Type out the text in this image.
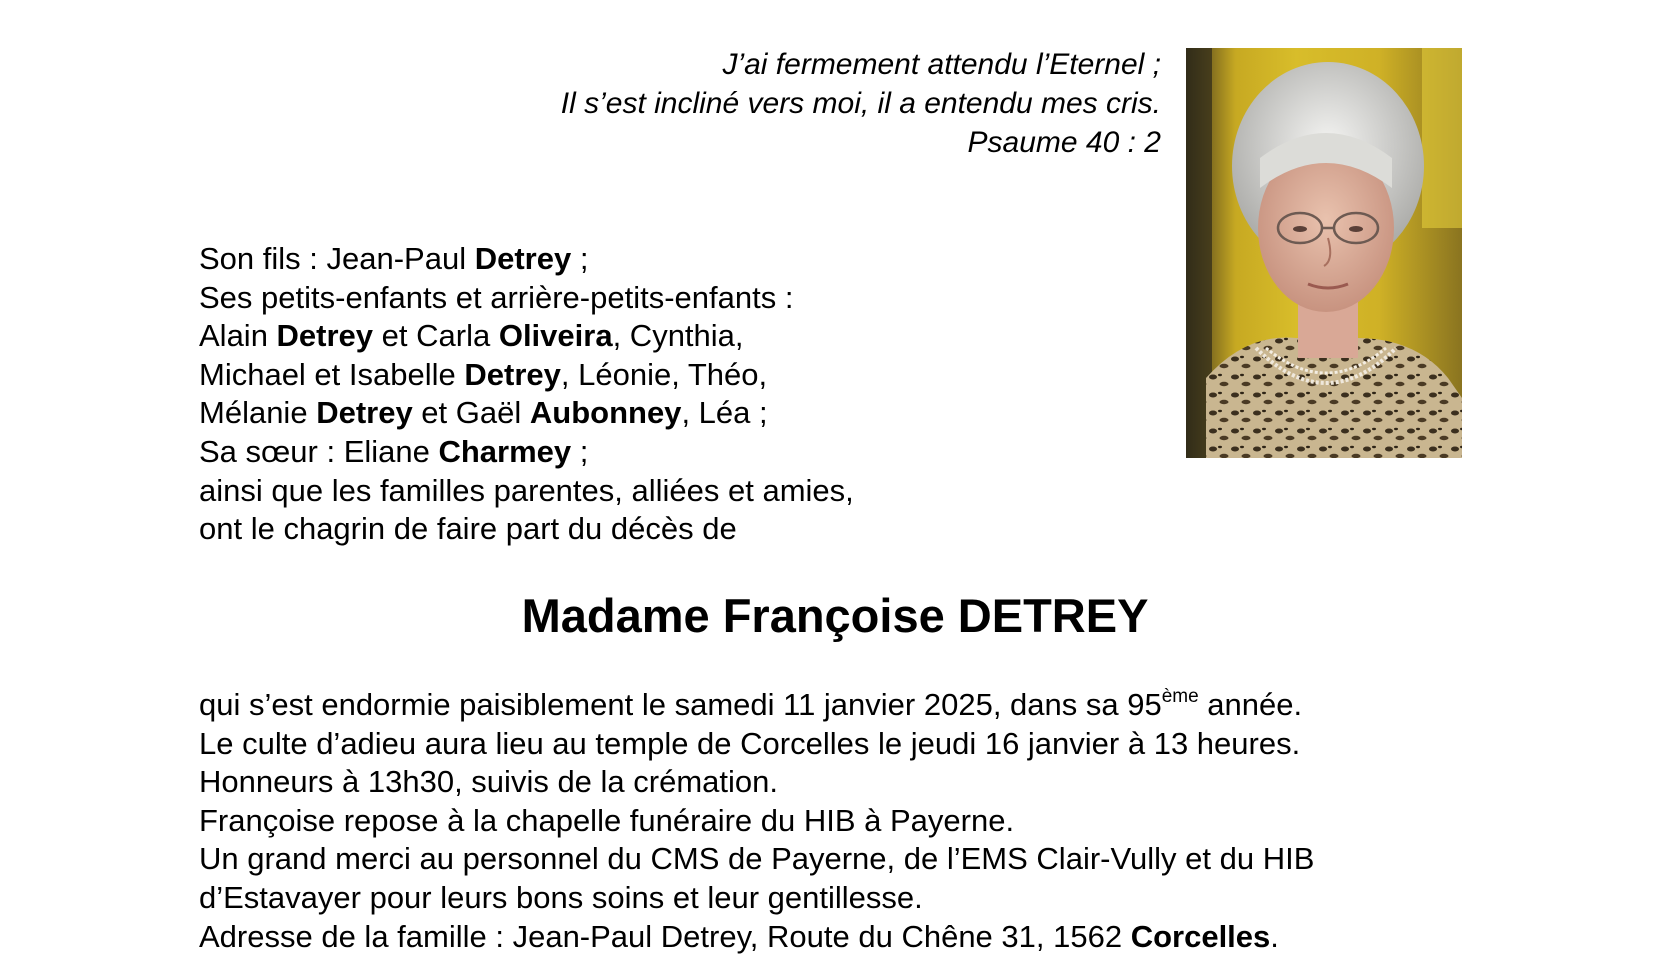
J’ai fermement attendu l’Eternel ;
Il s’est incliné vers moi, il a entendu mes cris.
Psaume 40 : 2
Son fils : Jean-Paul Detrey ;
Ses petits-enfants et arrière-petits-enfants :
Alain Detrey et Carla Oliveira, Cynthia,
Michael et Isabelle Detrey, Léonie, Théo,
Mélanie Detrey et Gaël Aubonney, Léa ;
Sa sœur : Eliane Charmey ;
ainsi que les familles parentes, alliées et amies,
ont le chagrin de faire part du décès de
Madame Françoise DETREY
qui s’est endormie paisiblement le samedi 11 janvier 2025, dans sa 95ème année.
Le culte d’adieu aura lieu au temple de Corcelles le jeudi 16 janvier à 13 heures.
Honneurs à 13h30, suivis de la crémation.
Françoise repose à la chapelle funéraire du HIB à Payerne.
Un grand merci au personnel du CMS de Payerne, de l’EMS Clair-Vully et du HIB
d’Estavayer pour leurs bons soins et leur gentillesse.
Adresse de la famille : Jean-Paul Detrey, Route du Chêne 31, 1562 Corcelles.
